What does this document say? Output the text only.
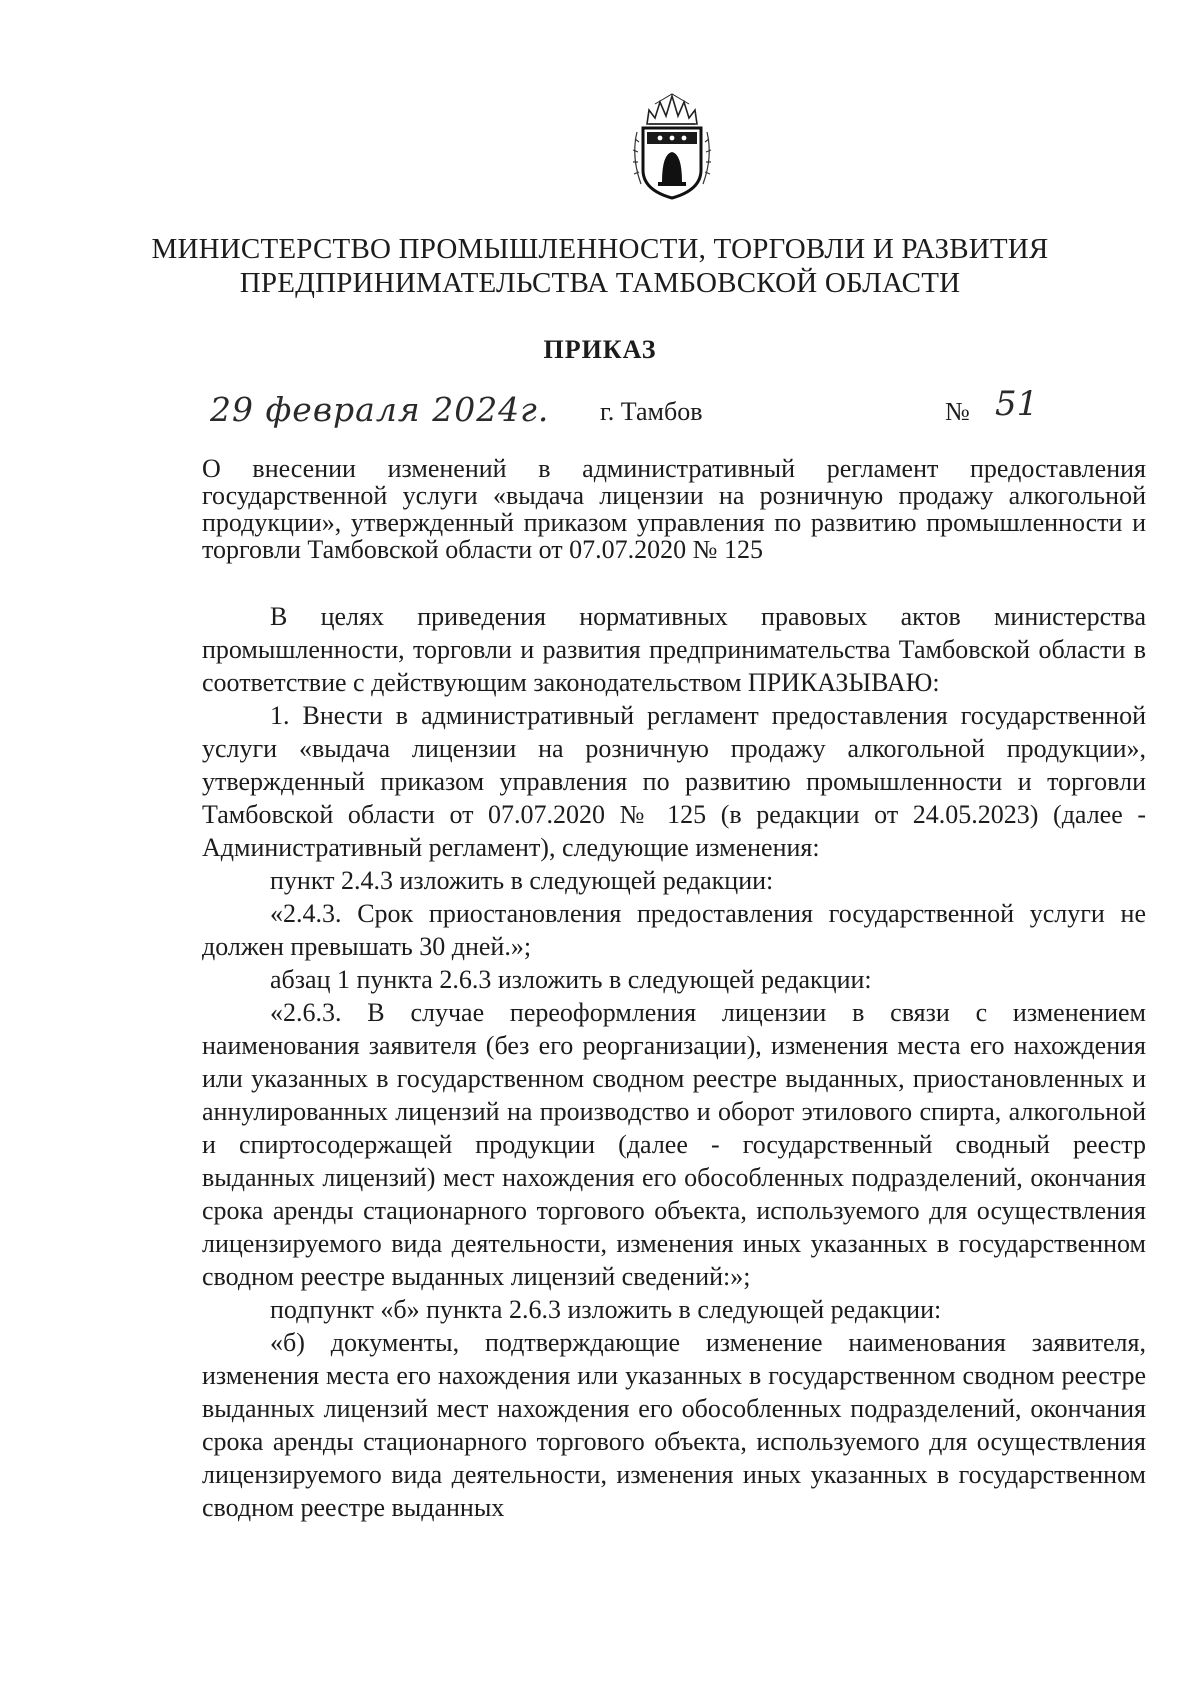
МИНИСТЕРСТВО ПРОМЫШЛЕННОСТИ, ТОРГОВЛИ И РАЗВИТИЯ
ПРЕДПРИНИМАТЕЛЬСТВА ТАМБОВСКОЙ ОБЛАСТИ
ПРИКАЗ
29 февраля 2024г. г. Тамбов	№ 51
О внесении изменений в административный регламент предоставления государственной услуги «выдача лицензии на розничную продажу алкогольной продукции», утвержденный приказом управления по развитию промышленности и торговли Тамбовской области от 07.07.2020 № 125

В целях приведения нормативных правовых актов министерства промышленности, торговли и развития предпринимательства Тамбовской области в соответствие с действующим законодательством ПРИКАЗЫВАЮ:

1. Внести в административный регламент предоставления государственной услуги «выдача лицензии на розничную продажу алкогольной продукции», утвержденный приказом управления по развитию промышленности и торговли Тамбовской области от 07.07.2020 № 125 (в редакции от 24.05.2023) (далее - Административный регламент), следующие изменения:

пункт 2.4.3 изложить в следующей редакции:

«2.4.3. Срок приостановления предоставления государственной услуги не должен превышать 30 дней.»;

абзац 1 пункта 2.6.3 изложить в следующей редакции:

«2.6.3. В случае переоформления лицензии в связи с изменением наименования заявителя (без его реорганизации), изменения места его нахождения или указанных в государственном сводном реестре выданных, приостановленных и аннулированных лицензий на производство и оборот этилового спирта, алкогольной и спиртосодержащей продукции (далее - государственный сводный реестр выданных лицензий) мест нахождения его обособленных подразделений, окончания срока аренды стационарного торгового объекта, используемого для осуществления лицензируемого вида деятельности, изменения иных указанных в государственном сводном реестре выданных лицензий сведений:»;

подпункт «б» пункта 2.6.3 изложить в следующей редакции:

«б) документы, подтверждающие изменение наименования заявителя, изменения места его нахождения или указанных в государственном сводном реестре выданных лицензий мест нахождения его обособленных подразделений, окончания срока аренды стационарного торгового объекта, используемого для осуществления лицензируемого вида деятельности, изменения иных указанных в государственном сводном реестре выданных
